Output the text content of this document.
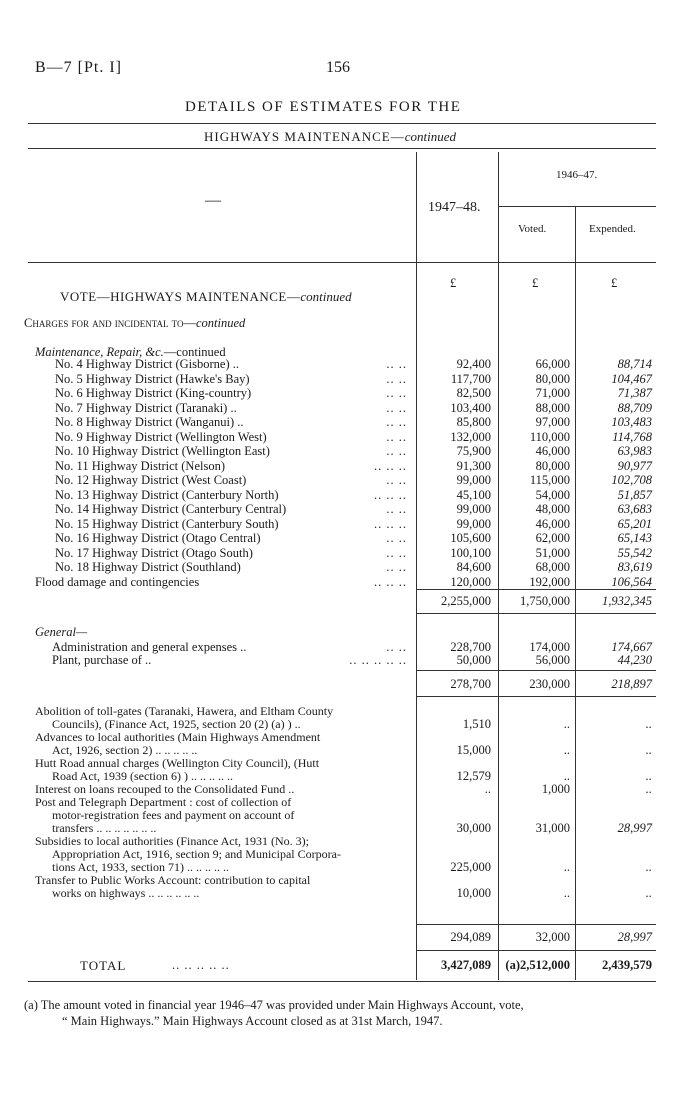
B—7 [Pt. I]	156
DETAILS OF ESTIMATES FOR THE
HIGHWAYS MAINTENANCE—continued
—	1947–48.
1946–47.
Voted.	Expended.
£	£	£
VOTE—HIGHWAYS MAINTENANCE—continued
Charges for and incidental to—continued
Maintenance, Repair, &c.—continued
No. 4 Highway District (Gisborne) ..	.. ..	92,400	66,000	88,714
No. 5 Highway District (Hawke's Bay)	.. ..	117,700	80,000	104,467
No. 6 Highway District (King-country)	.. ..	82,500	71,000	71,387
No. 7 Highway District (Taranaki) ..	.. ..	103,400	88,000	88,709
No. 8 Highway District (Wanganui) ..	.. ..	85,800	97,000	103,483
No. 9 Highway District (Wellington West)	.. ..	132,000	110,000	114,768
No. 10 Highway District (Wellington East)	.. ..	75,900	46,000	63,983
No. 11 Highway District (Nelson)	.. .. ..	91,300	80,000	90,977
No. 12 Highway District (West Coast)	.. ..	99,000	115,000	102,708
No. 13 Highway District (Canterbury North)	.. .. ..	45,100	54,000	51,857
No. 14 Highway District (Canterbury Central)	.. ..	99,000	48,000	63,683
No. 15 Highway District (Canterbury South)	.. .. ..	99,000	46,000	65,201
No. 16 Highway District (Otago Central)	.. ..	105,600	62,000	65,143
No. 17 Highway District (Otago South)	.. ..	100,100	51,000	55,542
No. 18 Highway District (Southland)	.. ..	84,600	68,000	83,619
Flood damage and contingencies	.. .. ..	120,000	192,000	106,564
2,255,000 1,750,000	1,932,345
General—
Administration and general expenses ..	.. ..	228,700	174,000	174,667
Plant, purchase of ..	.. .. .. .. ..	50,000	56,000	44,230
278,700	230,000	218,897
Abolition of toll-gates (Taranaki, Hawera, and Eltham County
Councils), (Finance Act, 1925, section 20 (2) (a) ) ..	1,510	..	..
Advances to local authorities (Main Highways Amendment
Act, 1926, section 2) .. .. .. .. ..	15,000	..	..
Hutt Road annual charges (Wellington City Council), (Hutt
Road Act, 1939 (section 6) ) .. .. .. .. ..	12,579	..	..
Interest on loans recouped to the Consolidated Fund ..	..	1,000	..
Post and Telegraph Department : cost of collection of
motor-registration fees and payment on account of
transfers .. .. .. .. .. .. ..	30,000	31,000	28,997
Subsidies to local authorities (Finance Act, 1931 (No. 3);
Appropriation Act, 1916, section 9; and Municipal Corpora-
tions Act, 1933, section 71) .. .. .. .. ..	225,000	..	..
Transfer to Public Works Account: contribution to capital
works on highways .. .. .. .. .. ..	10,000	..	..
294,089	32,000	28,997
TOTAL	.. .. .. .. ..	3,427,089 (a)2,512,000	2,439,579
(a) The amount voted in financial year 1946–47 was provided under Main Highways Account, vote,
“ Main Highways.” Main Highways Account closed as at 31st March, 1947.
